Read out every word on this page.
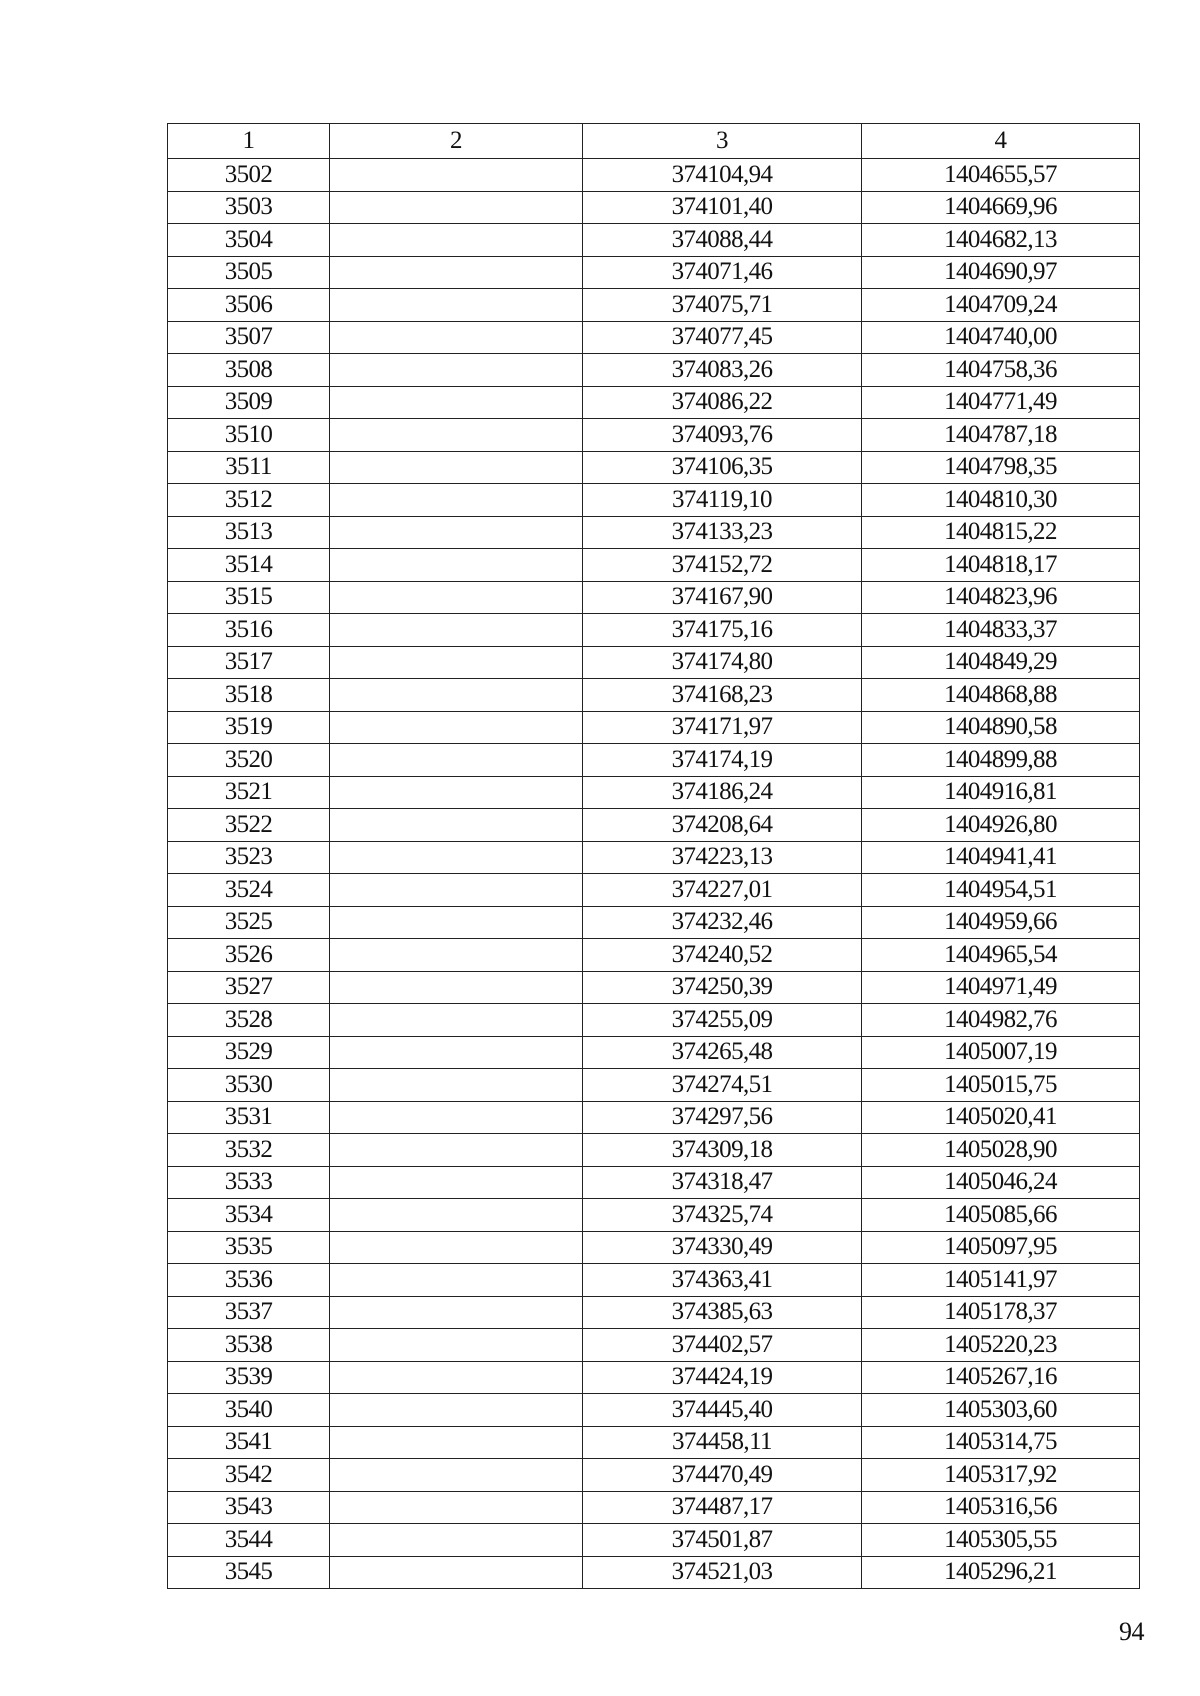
1	2	3	4
3502		374104,94	1404655,57
3503		374101,40	1404669,96
3504		374088,44	1404682,13
3505		374071,46	1404690,97
3506		374075,71	1404709,24
3507		374077,45	1404740,00
3508		374083,26	1404758,36
3509		374086,22	1404771,49
3510		374093,76	1404787,18
3511		374106,35	1404798,35
3512		374119,10	1404810,30
3513		374133,23	1404815,22
3514		374152,72	1404818,17
3515		374167,90	1404823,96
3516		374175,16	1404833,37
3517		374174,80	1404849,29
3518		374168,23	1404868,88
3519		374171,97	1404890,58
3520		374174,19	1404899,88
3521		374186,24	1404916,81
3522		374208,64	1404926,80
3523		374223,13	1404941,41
3524		374227,01	1404954,51
3525		374232,46	1404959,66
3526		374240,52	1404965,54
3527		374250,39	1404971,49
3528		374255,09	1404982,76
3529		374265,48	1405007,19
3530		374274,51	1405015,75
3531		374297,56	1405020,41
3532		374309,18	1405028,90
3533		374318,47	1405046,24
3534		374325,74	1405085,66
3535		374330,49	1405097,95
3536		374363,41	1405141,97
3537		374385,63	1405178,37
3538		374402,57	1405220,23
3539		374424,19	1405267,16
3540		374445,40	1405303,60
3541		374458,11	1405314,75
3542		374470,49	1405317,92
3543		374487,17	1405316,56
3544		374501,87	1405305,55
3545		374521,03	1405296,21
94
